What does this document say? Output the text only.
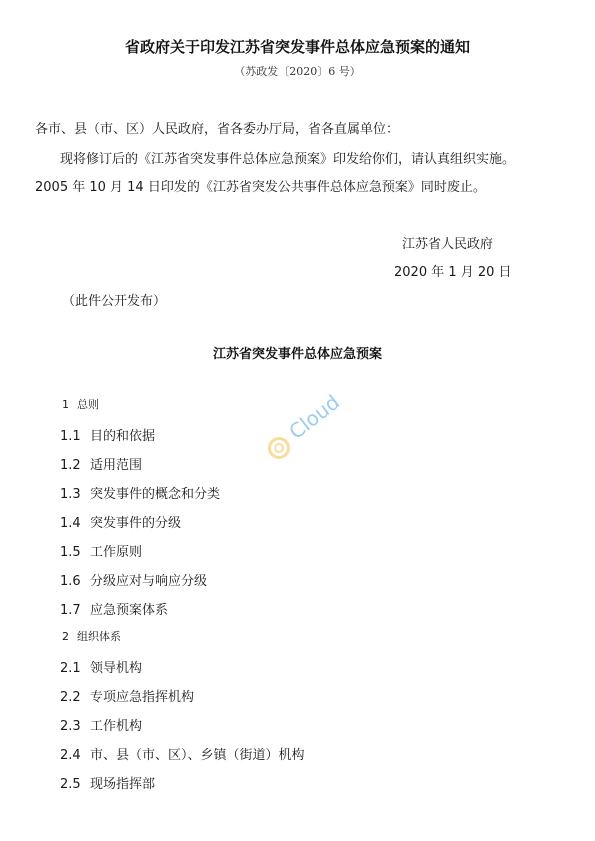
省政府关于印发江苏省突发事件总体应急预案的通知
（苏政发〔2020〕6 号）
各市、县（市、区）人民政府，省各委办厅局，省各直属单位：
现将修订后的《江苏省突发事件总体应急预案》印发给你们，请认真组织实施。
2005 年 10 月 14 日印发的《江苏省突发公共事件总体应急预案》同时废止。
江苏省人民政府
2020 年 1 月 20 日
（此件公开发布）
江苏省突发事件总体应急预案
1 总则
1.1 目的和依据
1.2 适用范围
1.3 突发事件的概念和分类
1.4 突发事件的分级
1.5 工作原则
1.6 分级应对与响应分级
1.7 应急预案体系
2 组织体系
2.1 领导机构
2.2 专项应急指挥机构
2.3 工作机构
2.4 市、县（市、区）、乡镇（街道）机构
2.5 现场指挥部
Cloud
